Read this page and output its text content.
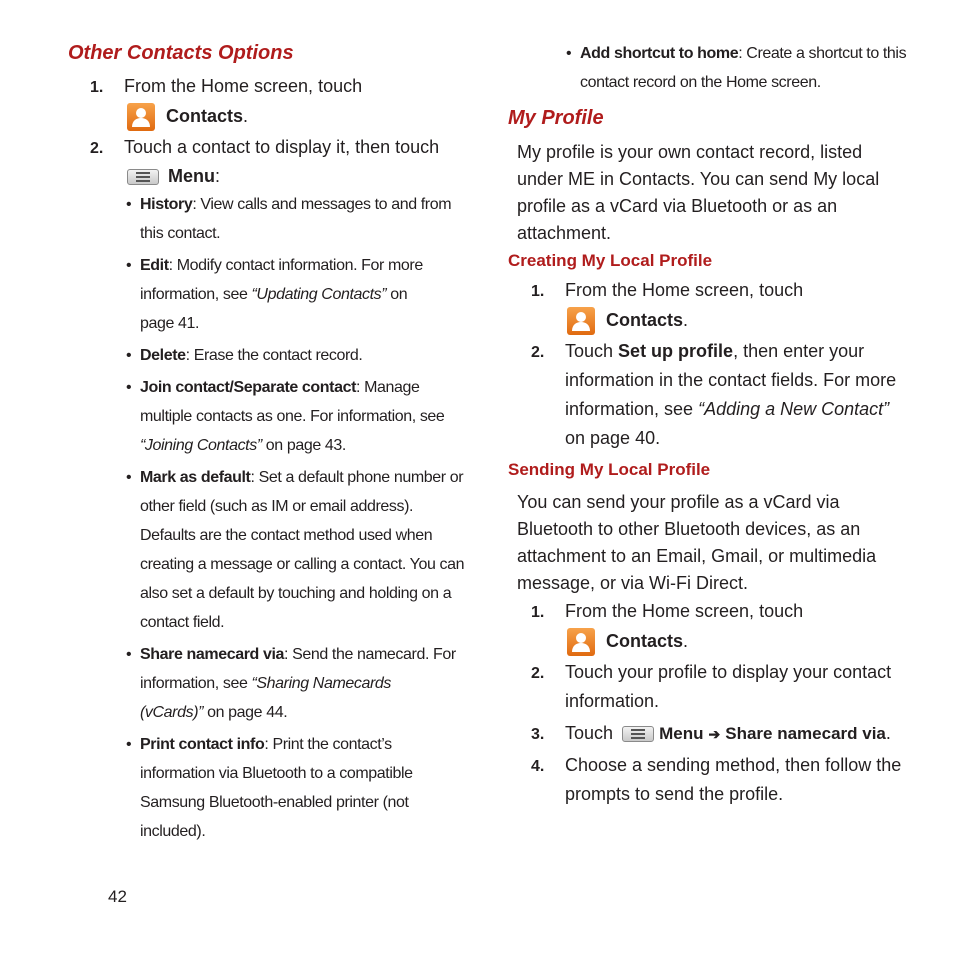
Other Contacts Options
1. From the Home screen, touch
Contacts.
2. Touch a contact to display it, then touch
Menu:
• History: View calls and messages to and from
this contact.
• Edit: Modify contact information. For more
information, see “Updating Contacts” on
page 41.
• Delete: Erase the contact record.
• Join contact/Separate contact: Manage
multiple contacts as one. For information, see
“Joining Contacts” on page 43.
• Mark as default: Set a default phone number or
other field (such as IM or email address).
Defaults are the contact method used when
creating a message or calling a contact. You can
also set a default by touching and holding on a
contact field.
• Share namecard via: Send the namecard. For
information, see “Sharing Namecards
(vCards)” on page 44.
• Print contact info: Print the contact’s
information via Bluetooth to a compatible
Samsung Bluetooth-enabled printer (not
included).
• Add shortcut to home: Create a shortcut to this
contact record on the Home screen.
My Profile
My profile is your own contact record, listed
under ME in Contacts. You can send My local
profile as a vCard via Bluetooth or as an
attachment.
Creating My Local Profile
1. From the Home screen, touch
Contacts.
2. Touch Set up profile, then enter your
information in the contact fields. For more
information, see “Adding a New Contact”
on page 40.
Sending My Local Profile
You can send your profile as a vCard via
Bluetooth to other Bluetooth devices, as an
attachment to an Email, Gmail, or multimedia
message, or via Wi-Fi Direct.
1. From the Home screen, touch
Contacts.
2. Touch your profile to display your contact
information.
3. Touch	Menu ➔ Share namecard via.
4. Choose a sending method, then follow the
prompts to send the profile.
42
